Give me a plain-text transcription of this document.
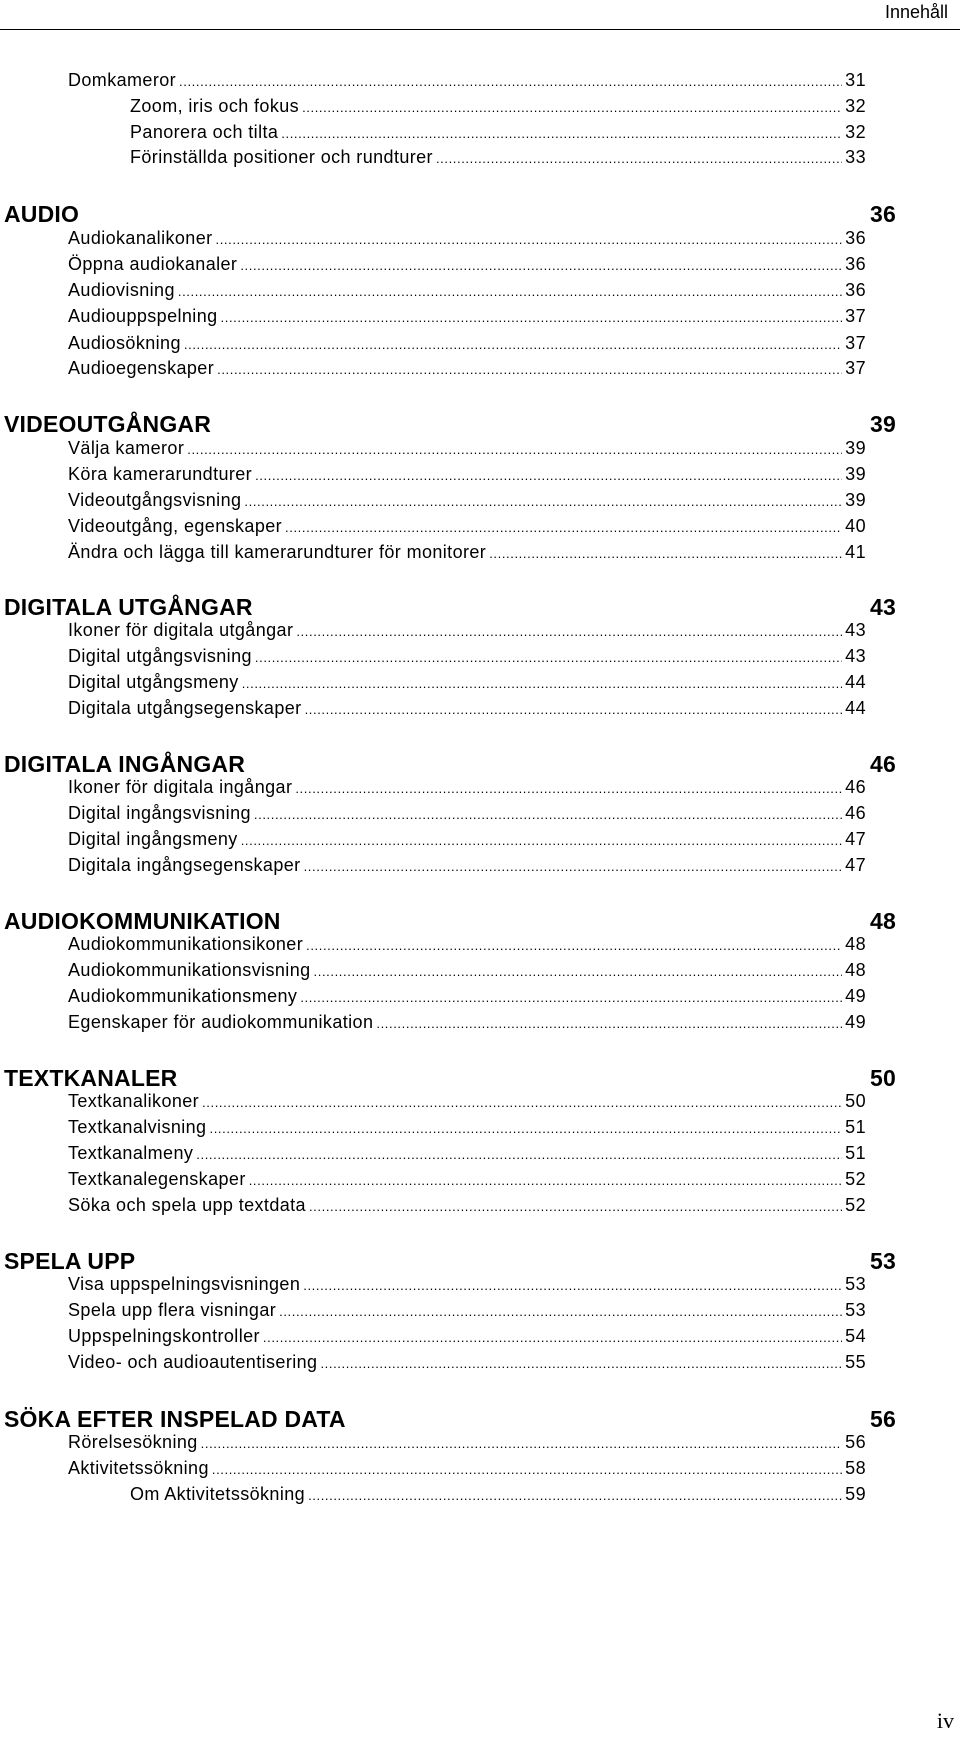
Innehåll
Domkameror .....	31
Zoom, iris och fokus .....	32
Panorera och tilta .....	32
Förinställda positioner och rundturer .....	33
AUDIO	36
Audiokanalikoner .....	36
Öppna audiokanaler .....	36
Audiovisning .....	36
Audiouppspelning .....	37
Audiosökning .....	37
Audioegenskaper .....	37
VIDEOUTGÅNGAR	39
Välja kameror .....	39
Köra kamerarundturer .....	39
Videoutgångsvisning .....	39
Videoutgång, egenskaper .....	40
Ändra och lägga till kamerarundturer för monitorer .....	41
DIGITALA UTGÅNGAR	43
Ikoner för digitala utgångar .....	43
Digital utgångsvisning .....	43
Digital utgångsmeny .....	44
Digitala utgångsegenskaper .....	44
DIGITALA INGÅNGAR	46
Ikoner för digitala ingångar .....	46
Digital ingångsvisning .....	46
Digital ingångsmeny .....	47
Digitala ingångsegenskaper .....	47
AUDIOKOMMUNIKATION	48
Audiokommunikationsikoner .....	48
Audiokommunikationsvisning .....	48
Audiokommunikationsmeny .....	49
Egenskaper för audiokommunikation .....	49
TEXTKANALER	50
Textkanalikoner .....	50
Textkanalvisning .....	51
Textkanalmeny .....	51
Textkanalegenskaper .....	52
Söka och spela upp textdata .....	52
SPELA UPP	53
Visa uppspelningsvisningen .....	53
Spela upp flera visningar .....	53
Uppspelningskontroller .....	54
Video- och audioautentisering .....	55
SÖKA EFTER INSPELAD DATA	56
Rörelsesökning .....	56
Aktivitetssökning .....	58
Om Aktivitetssökning .....	59
iv
